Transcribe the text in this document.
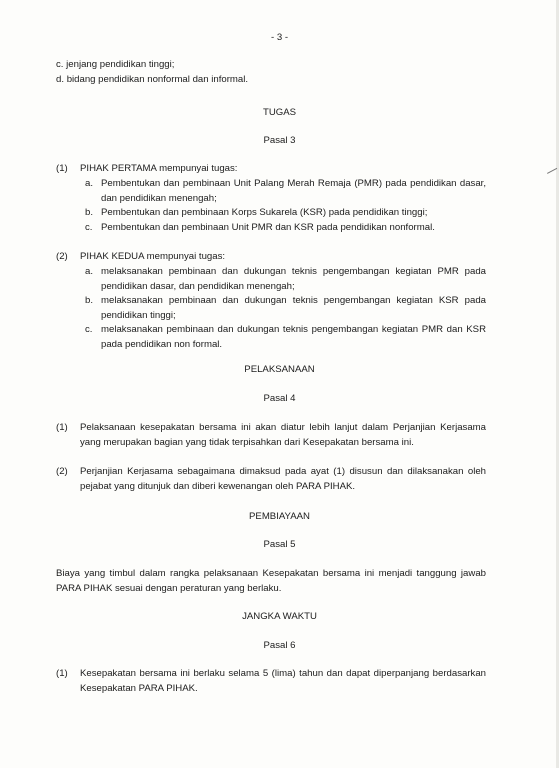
- 3 -
c. jenjang pendidikan tinggi;
d. bidang pendidikan nonformal dan informal.
TUGAS
Pasal 3
(1) PIHAK PERTAMA mempunyai tugas:
a. Pembentukan dan pembinaan Unit Palang Merah Remaja (PMR) pada pendidikan dasar, dan pendidikan menengah;
b. Pembentukan dan pembinaan Korps Sukarela (KSR) pada pendidikan tinggi;
c. Pembentukan dan pembinaan Unit PMR dan KSR pada pendidikan nonformal.
(2) PIHAK KEDUA mempunyai tugas:
a. melaksanakan pembinaan dan dukungan teknis pengembangan kegiatan PMR pada pendidikan dasar, dan pendidikan menengah;
b. melaksanakan pembinaan dan dukungan teknis pengembangan kegiatan KSR pada pendidikan tinggi;
c. melaksanakan pembinaan dan dukungan teknis pengembangan kegiatan PMR dan KSR pada pendidikan non formal.
PELAKSANAAN
Pasal 4
(1) Pelaksanaan kesepakatan bersama ini akan diatur lebih lanjut dalam Perjanjian Kerjasama yang merupakan bagian yang tidak terpisahkan dari Kesepakatan bersama ini.
(2) Perjanjian Kerjasama sebagaimana dimaksud pada ayat (1) disusun dan dilaksanakan oleh pejabat yang ditunjuk dan diberi kewenangan oleh PARA PIHAK.
PEMBIAYAAN
Pasal 5
Biaya yang timbul dalam rangka pelaksanaan Kesepakatan bersama ini menjadi tanggung jawab PARA PIHAK sesuai dengan peraturan yang berlaku.
JANGKA WAKTU
Pasal 6
(1) Kesepakatan bersama ini berlaku selama 5 (lima) tahun dan dapat diperpanjang berdasarkan Kesepakatan PARA PIHAK.
